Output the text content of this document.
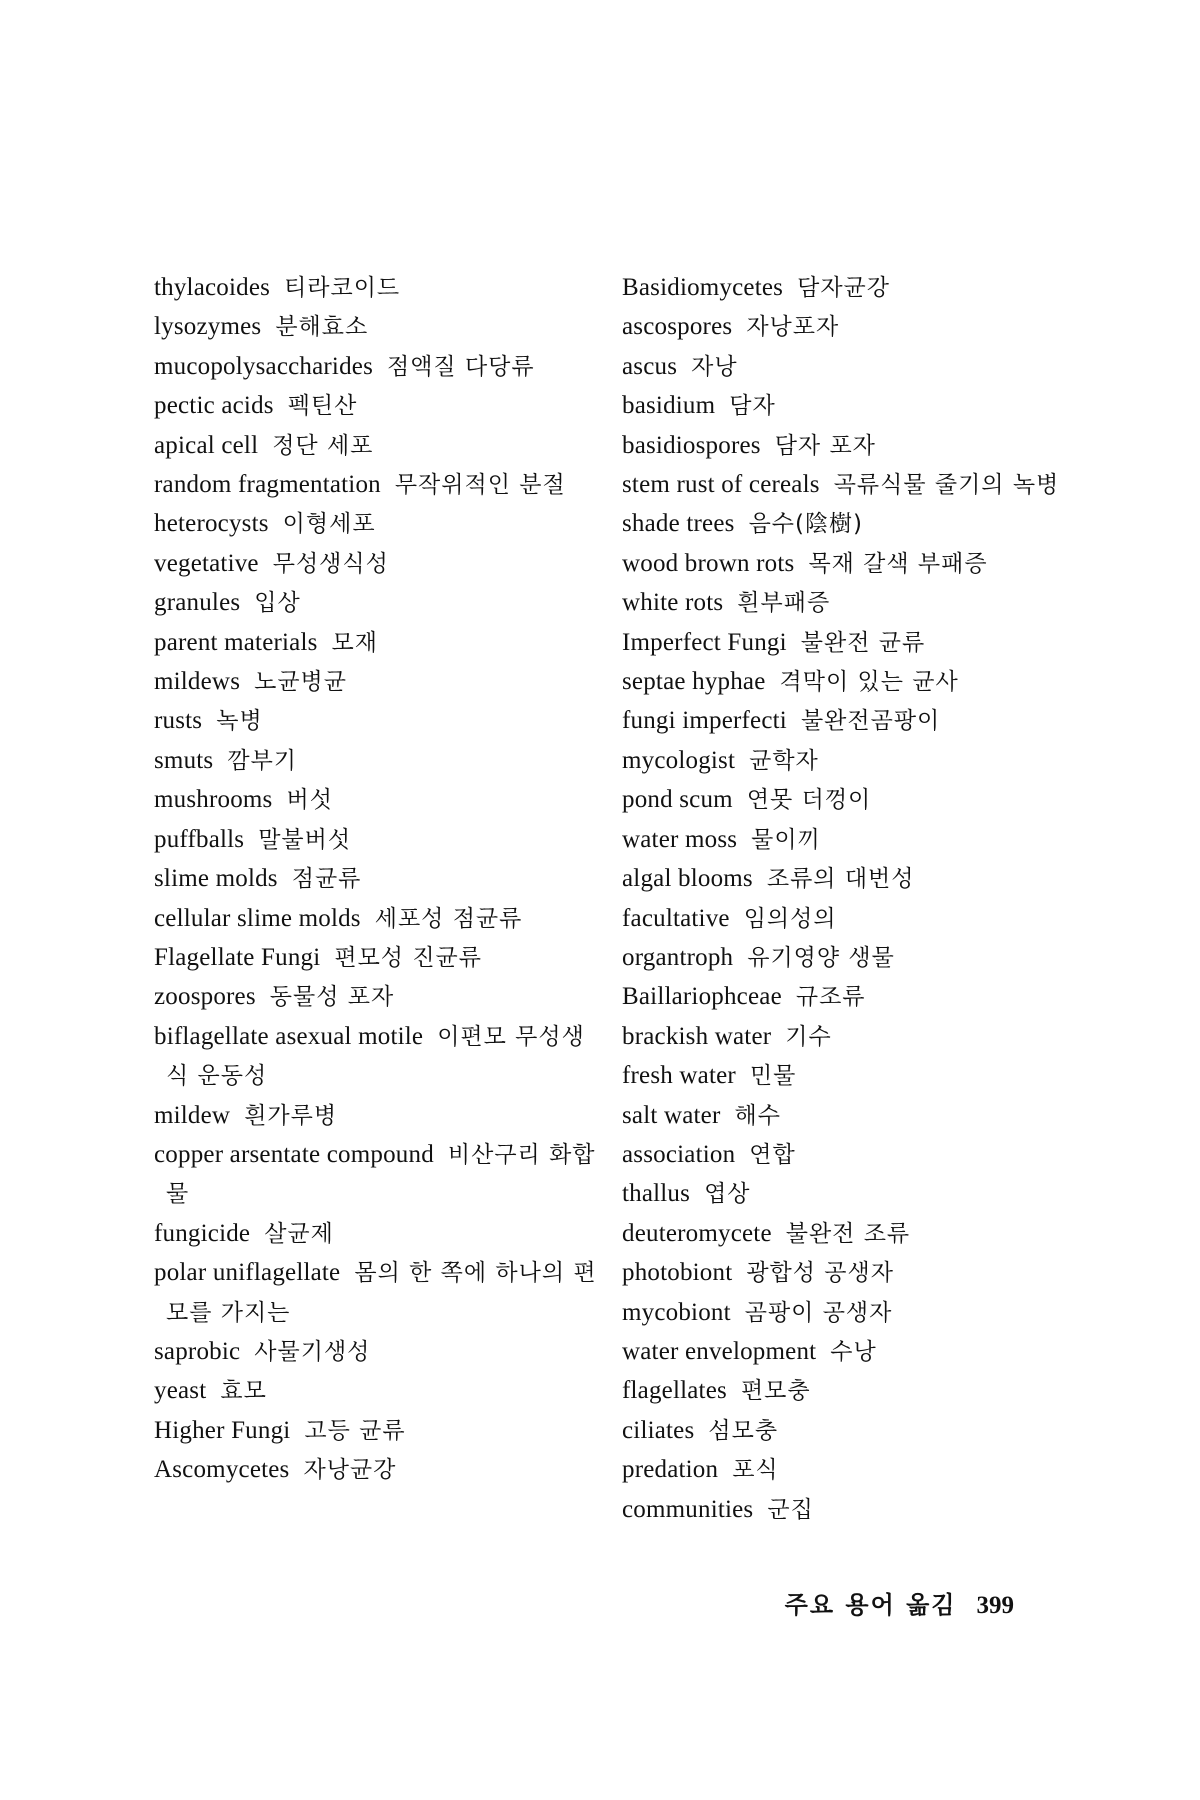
thylacoides 티라코이드
lysozymes 분해효소
mucopolysaccharides 점액질 다당류
pectic acids 펙틴산
apical cell 정단 세포
random fragmentation 무작위적인 분절
heterocysts 이형세포
vegetative 무성생식성
granules 입상
parent materials 모재
mildews 노균병균
rusts 녹병
smuts 깜부기
mushrooms 버섯
puffballs 말불버섯
slime molds 점균류
cellular slime molds 세포성 점균류
Flagellate Fungi 편모성 진균류
zoospores 동물성 포자
biflagellate asexual motile 이편모 무성생식 운동성
mildew 흰가루병
copper arsentate compound 비산구리 화합물
fungicide 살균제
polar uniflagellate 몸의 한 쪽에 하나의 편모를 가지는
saprobic 사물기생성
yeast 효모
Higher Fungi 고등 균류
Ascomycetes 자낭균강
Basidiomycetes 담자균강
ascospores 자낭포자
ascus 자낭
basidium 담자
basidiospores 담자 포자
stem rust of cereals 곡류식물 줄기의 녹병
shade trees 음수(陰樹)
wood brown rots 목재 갈색 부패증
white rots 흰부패증
Imperfect Fungi 불완전 균류
septae hyphae 격막이 있는 균사
fungi imperfecti 불완전곰팡이
mycologist 균학자
pond scum 연못 더껑이
water moss 물이끼
algal blooms 조류의 대번성
facultative 임의성의
organtroph 유기영양 생물
Baillariophceae 규조류
brackish water 기수
fresh water 민물
salt water 해수
association 연합
thallus 엽상
deuteromycete 불완전 조류
photobiont 광합성 공생자
mycobiont 곰팡이 공생자
water envelopment 수낭
flagellates 편모충
ciliates 섬모충
predation 포식
communities 군집
주요 용어 옮김 399
